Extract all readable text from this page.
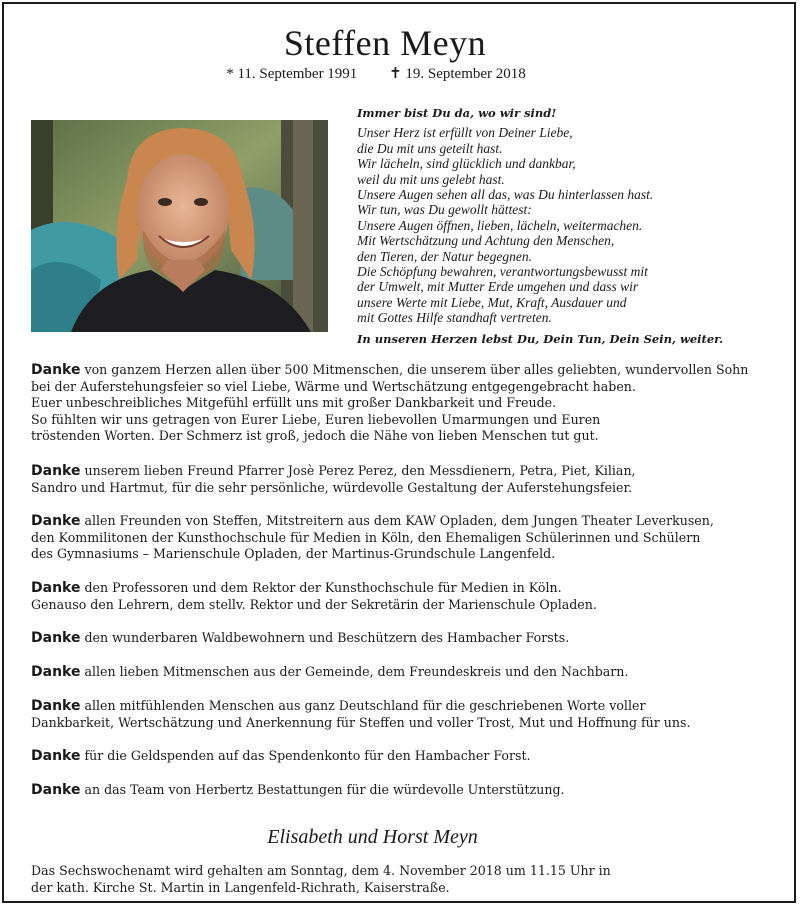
Steffen Meyn
* 11. September 1991 ✝ 19. September 2018
Immer bist Du da, wo wir sind!
Unser Herz ist erfüllt von Deiner Liebe,
die Du mit uns geteilt hast.
Wir lächeln, sind glücklich und dankbar,
weil du mit uns gelebt hast.
Unsere Augen sehen all das, was Du hinterlassen hast.
Wir tun, was Du gewollt hättest:
Unsere Augen öffnen, lieben, lächeln, weitermachen.
Mit Wertschätzung und Achtung den Menschen,
den Tieren, der Natur begegnen.
Die Schöpfung bewahren, verantwortungsbewusst mit
der Umwelt, mit Mutter Erde umgehen und dass wir
unsere Werte mit Liebe, Mut, Kraft, Ausdauer und
mit Gottes Hilfe standhaft vertreten.
In unseren Herzen lebst Du, Dein Tun, Dein Sein, weiter.
Danke von ganzem Herzen allen über 500 Mitmenschen, die unserem über alles geliebten, wundervollen Sohn
bei der Auferstehungsfeier so viel Liebe, Wärme und Wertschätzung entgegengebracht haben.
Euer unbeschreibliches Mitgefühl erfüllt uns mit großer Dankbarkeit und Freude.
So fühlten wir uns getragen von Eurer Liebe, Euren liebevollen Umarmungen und Euren
tröstenden Worten. Der Schmerz ist groß, jedoch die Nähe von lieben Menschen tut gut.
Danke unserem lieben Freund Pfarrer Josè Perez Perez, den Messdienern, Petra, Piet, Kilian,
Sandro und Hartmut, für die sehr persönliche, würdevolle Gestaltung der Auferstehungsfeier.
Danke allen Freunden von Steffen, Mitstreitern aus dem KAW Opladen, dem Jungen Theater Leverkusen,
den Kommilitonen der Kunsthochschule für Medien in Köln, den Ehemaligen Schülerinnen und Schülern
des Gymnasiums – Marienschule Opladen, der Martinus-Grundschule Langenfeld.
Danke den Professoren und dem Rektor der Kunsthochschule für Medien in Köln.
Genauso den Lehrern, dem stellv. Rektor und der Sekretärin der Marienschule Opladen.
Danke den wunderbaren Waldbewohnern und Beschützern des Hambacher Forsts.
Danke allen lieben Mitmenschen aus der Gemeinde, dem Freundeskreis und den Nachbarn.
Danke allen mitfühlenden Menschen aus ganz Deutschland für die geschriebenen Worte voller
Dankbarkeit, Wertschätzung und Anerkennung für Steffen und voller Trost, Mut und Hoffnung für uns.
Danke für die Geldspenden auf das Spendenkonto für den Hambacher Forst.
Danke an das Team von Herbertz Bestattungen für die würdevolle Unterstützung.
Elisabeth und Horst Meyn
Das Sechswochenamt wird gehalten am Sonntag, dem 4. November 2018 um 11.15 Uhr in
der kath. Kirche St. Martin in Langenfeld-Richrath, Kaiserstraße.
